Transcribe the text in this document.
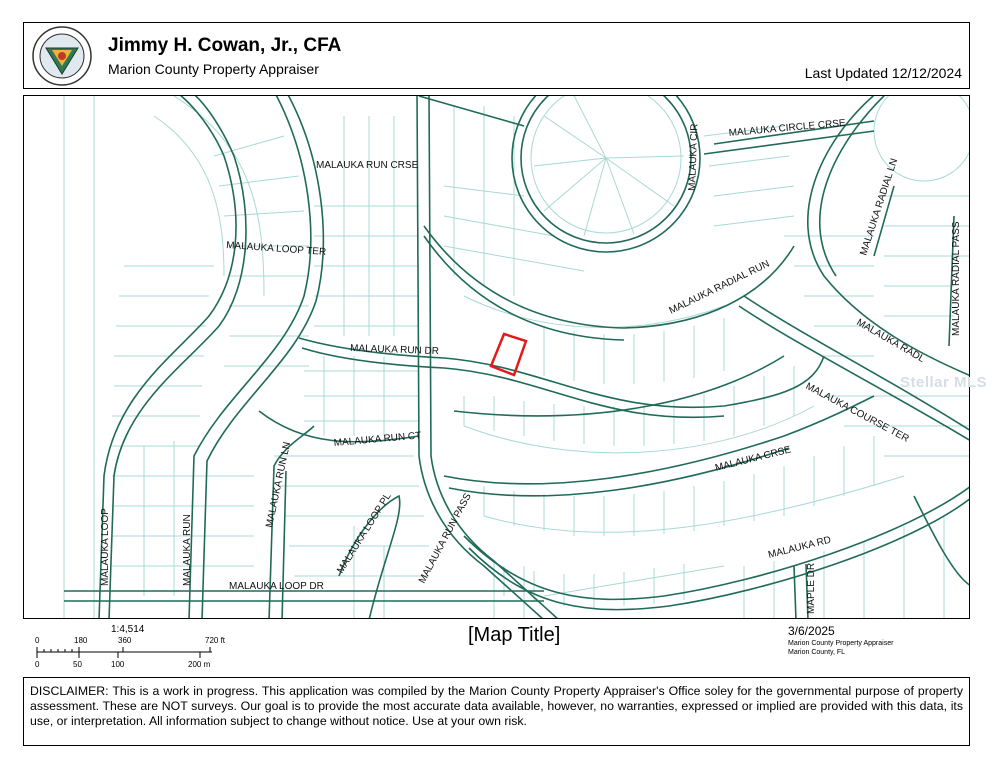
Jimmy H. Cowan, Jr., CFA
Marion County Property Appraiser	Last Updated 12/12/2024
MALAUKA RUN CRSE
MALAUKA LOOP TER
MALAUKA RUN DR
MALAUKA RUN CT
MALAUKA RUN LN
MALAUKA LOOP PL MALAUKA RUN PASS
MALAUKA LOOP DR
MALAUKA LOOP	MALAUKA RUN
MALAUKA CIR	MALAUKA CIRCLE CRSE
MALAUKA RADIAL LN
MALAUKA RADIAL PASS
MALAUKA RADIAL RUN
MALAUKA RADL
MALAUKA COURSE TER
MALAUKA CRSE
MALAUKA RD
MAPLE DR
Stellar MLS
1:4,514
0	180	360	720 ft
0	50	100	200 m
[Map Title]	3/6/2025
Marion County Property Appraiser
Marion County, FL
DISCLAIMER: This is a work in progress. This application was compiled by the Marion County Property Appraiser's Office soley for the governmental purpose of property assessment. These are NOT surveys. Our goal is to provide the most accurate data available, however, no warranties, expressed or implied are provided with this data, its use, or interpretation. All information subject to change without notice. Use at your own risk.
